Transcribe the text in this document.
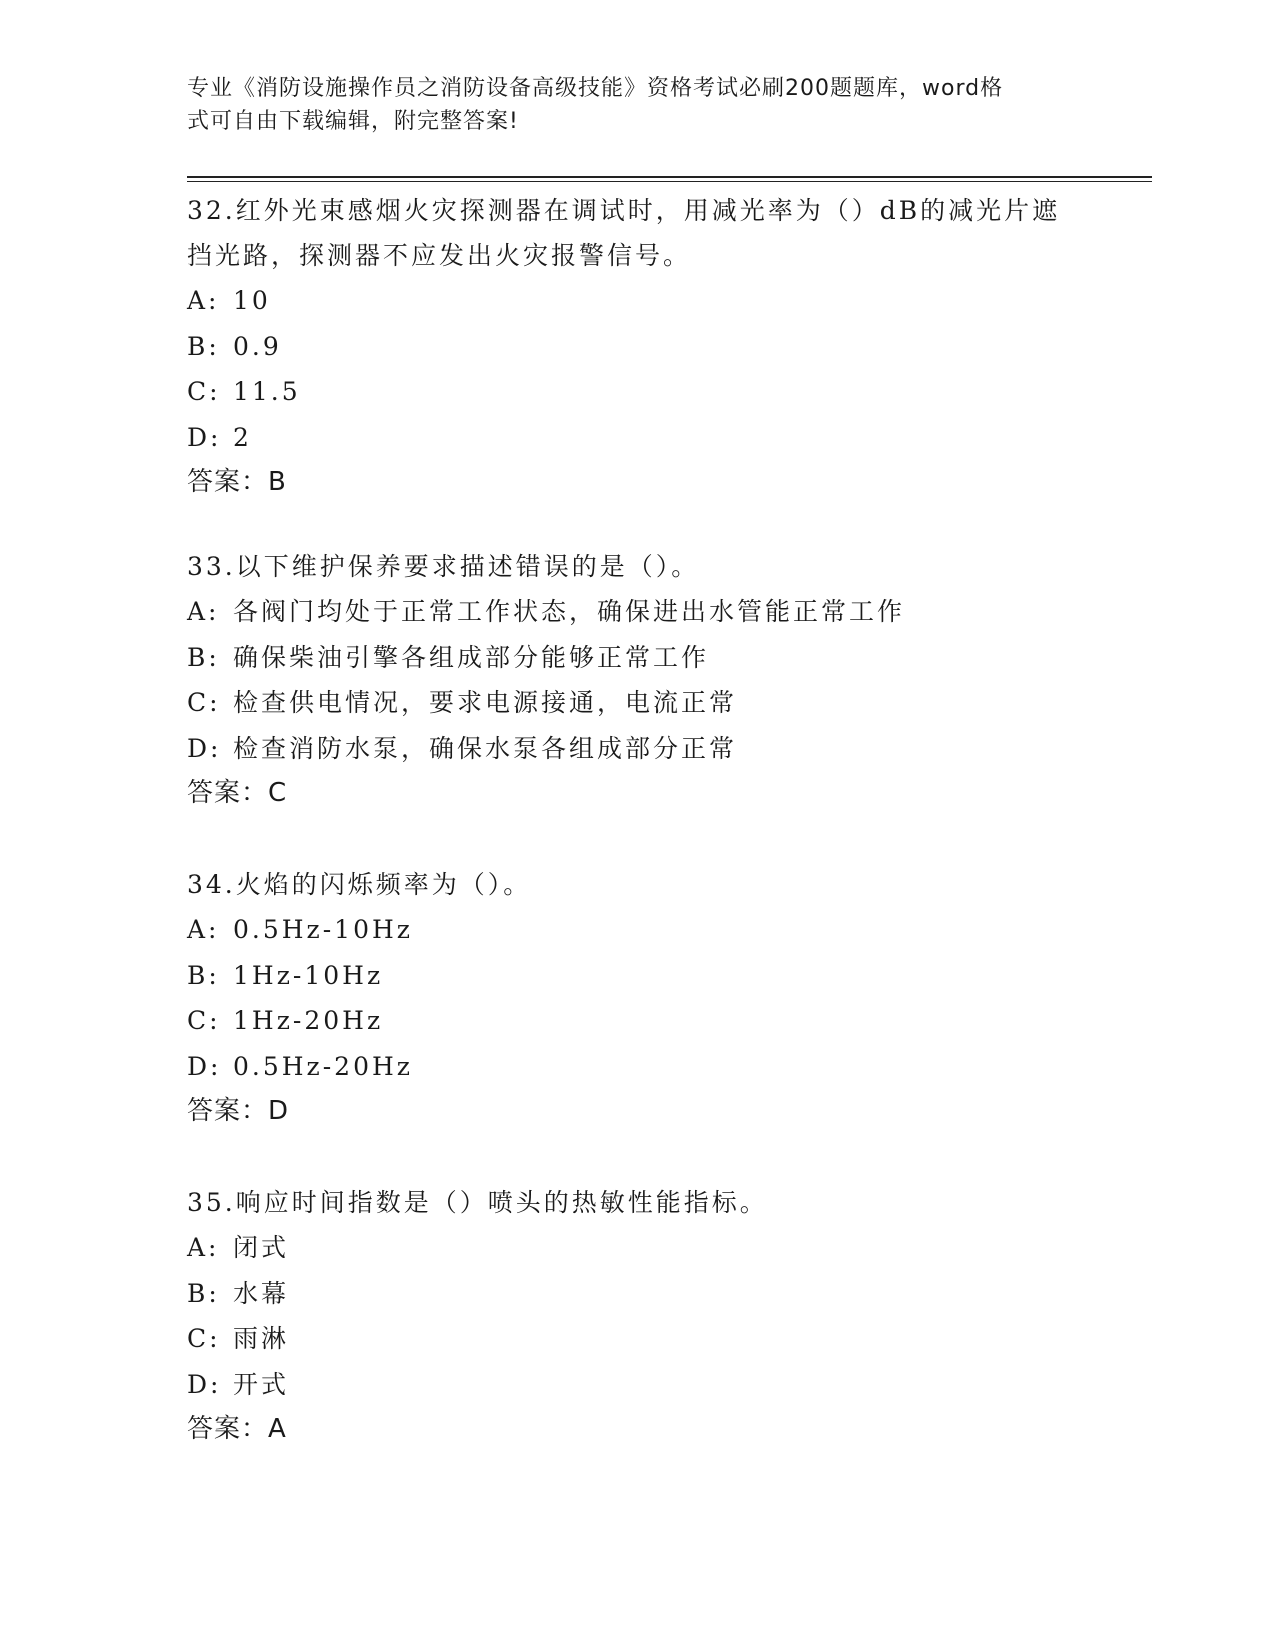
专业《消防设施操作员之消防设备高级技能》资格考试必刷200题题库，word格
式可自由下载编辑，附完整答案!

32.红外光束感烟火灾探测器在调试时，用减光率为（）dB的减光片遮

挡光路，探测器不应发出火灾报警信号。

A: 10

B: 0.9

C: 11.5

D: 2

答案：B

33.以下维护保养要求描述错误的是（）。

A: 各阀门均处于正常工作状态，确保进出水管能正常工作

B: 确保柴油引擎各组成部分能够正常工作

C: 检查供电情况，要求电源接通，电流正常

D: 检查消防水泵，确保水泵各组成部分正常

答案：C

34.火焰的闪烁频率为（）。

A: 0.5Hz-10Hz

B: 1Hz-10Hz

C: 1Hz-20Hz

D: 0.5Hz-20Hz

答案：D

35.响应时间指数是（）喷头的热敏性能指标。

A: 闭式

B: 水幕

C: 雨淋

D: 开式

答案：A
